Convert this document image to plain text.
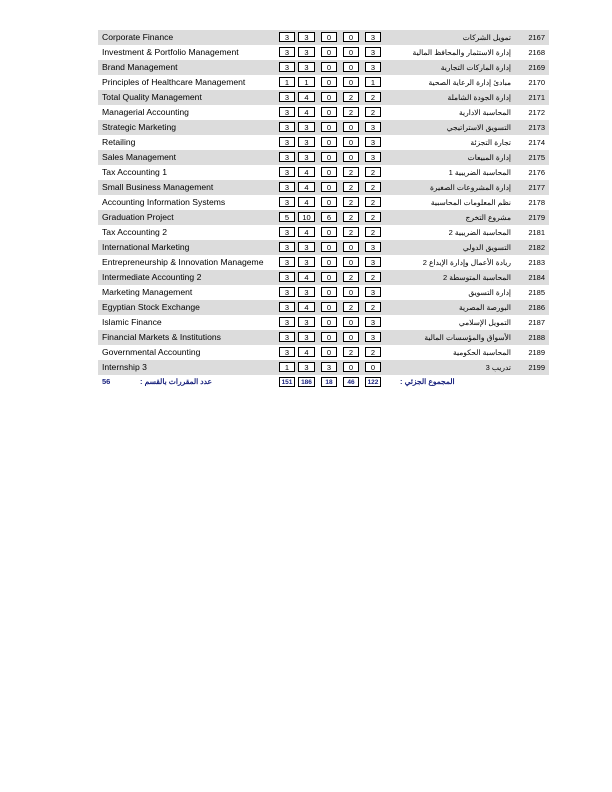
Corporate Finance	3	3	0	0	3	تمويل الشركات 2167
Investment & Portfolio Management	3	3	0	0	3	إدارة الاستثمار والمحافظ المالية 2168
Brand Management	3	3	0	0	3	إدارة الماركات التجارية 2169
Principles of Healthcare Management	1	1	0	0	1	مبادئ إدارة الرعاية الصحية 2170
Total Quality Management	3	4	0	2	2	إدارة الجودة الشاملة 2171
Managerial Accounting	3	4	0	2	2	المحاسبة الادارية 2172
Strategic Marketing	3	3	0	0	3	التسويق الاستراتيجي 2173
Retailing	3	3	0	0	3	تجارة التجزئة 2174
Sales Management	3	3	0	0	3	إدارة المبيعات 2175
Tax Accounting 1	3	4	0	2	2	المحاسبة الضريبية 1 2176
Small Business Management	3	4	0	2	2	إدارة المشروعات الصغيرة 2177
Accounting Information Systems	3	4	0	2	2	نظم المعلومات المحاسبية 2178
Graduation Project	5	10	6	2	2	مشروع التخرج 2179
Tax Accounting 2	3	4	0	2	2	المحاسبة الضريبية 2 2181
International Marketing	3	3	0	0	3	التسويق الدولي 2182
Entrepreneurship & Innovation Manageme	3	3	0	0	3	ريادة الأعمال وإدارة الإبداع 2 2183
Intermediate Accounting 2	3	4	0	2	2	المحاسبة المتوسطة 2 2184
Marketing Management	3	3	0	0	3	إدارة التسويق 2185
Egyptian Stock Exchange	3	4	0	2	2	البورصة المصرية 2186
Islamic Finance	3	3	0	0	3	التمويل الإسلامي 2187
Financial Markets & Institutions	3	3	0	0	3	الأسواق والمؤسسات المالية 2188
Governmental Accounting	3	4	0	2	2	المحاسبة الحكومية 2189
Internship 3	1	3	3	0	0	تدريب 3 2199
56	عدد المقررات بالقسم :	151	186	18	46	122	المجموع الجزئي :
